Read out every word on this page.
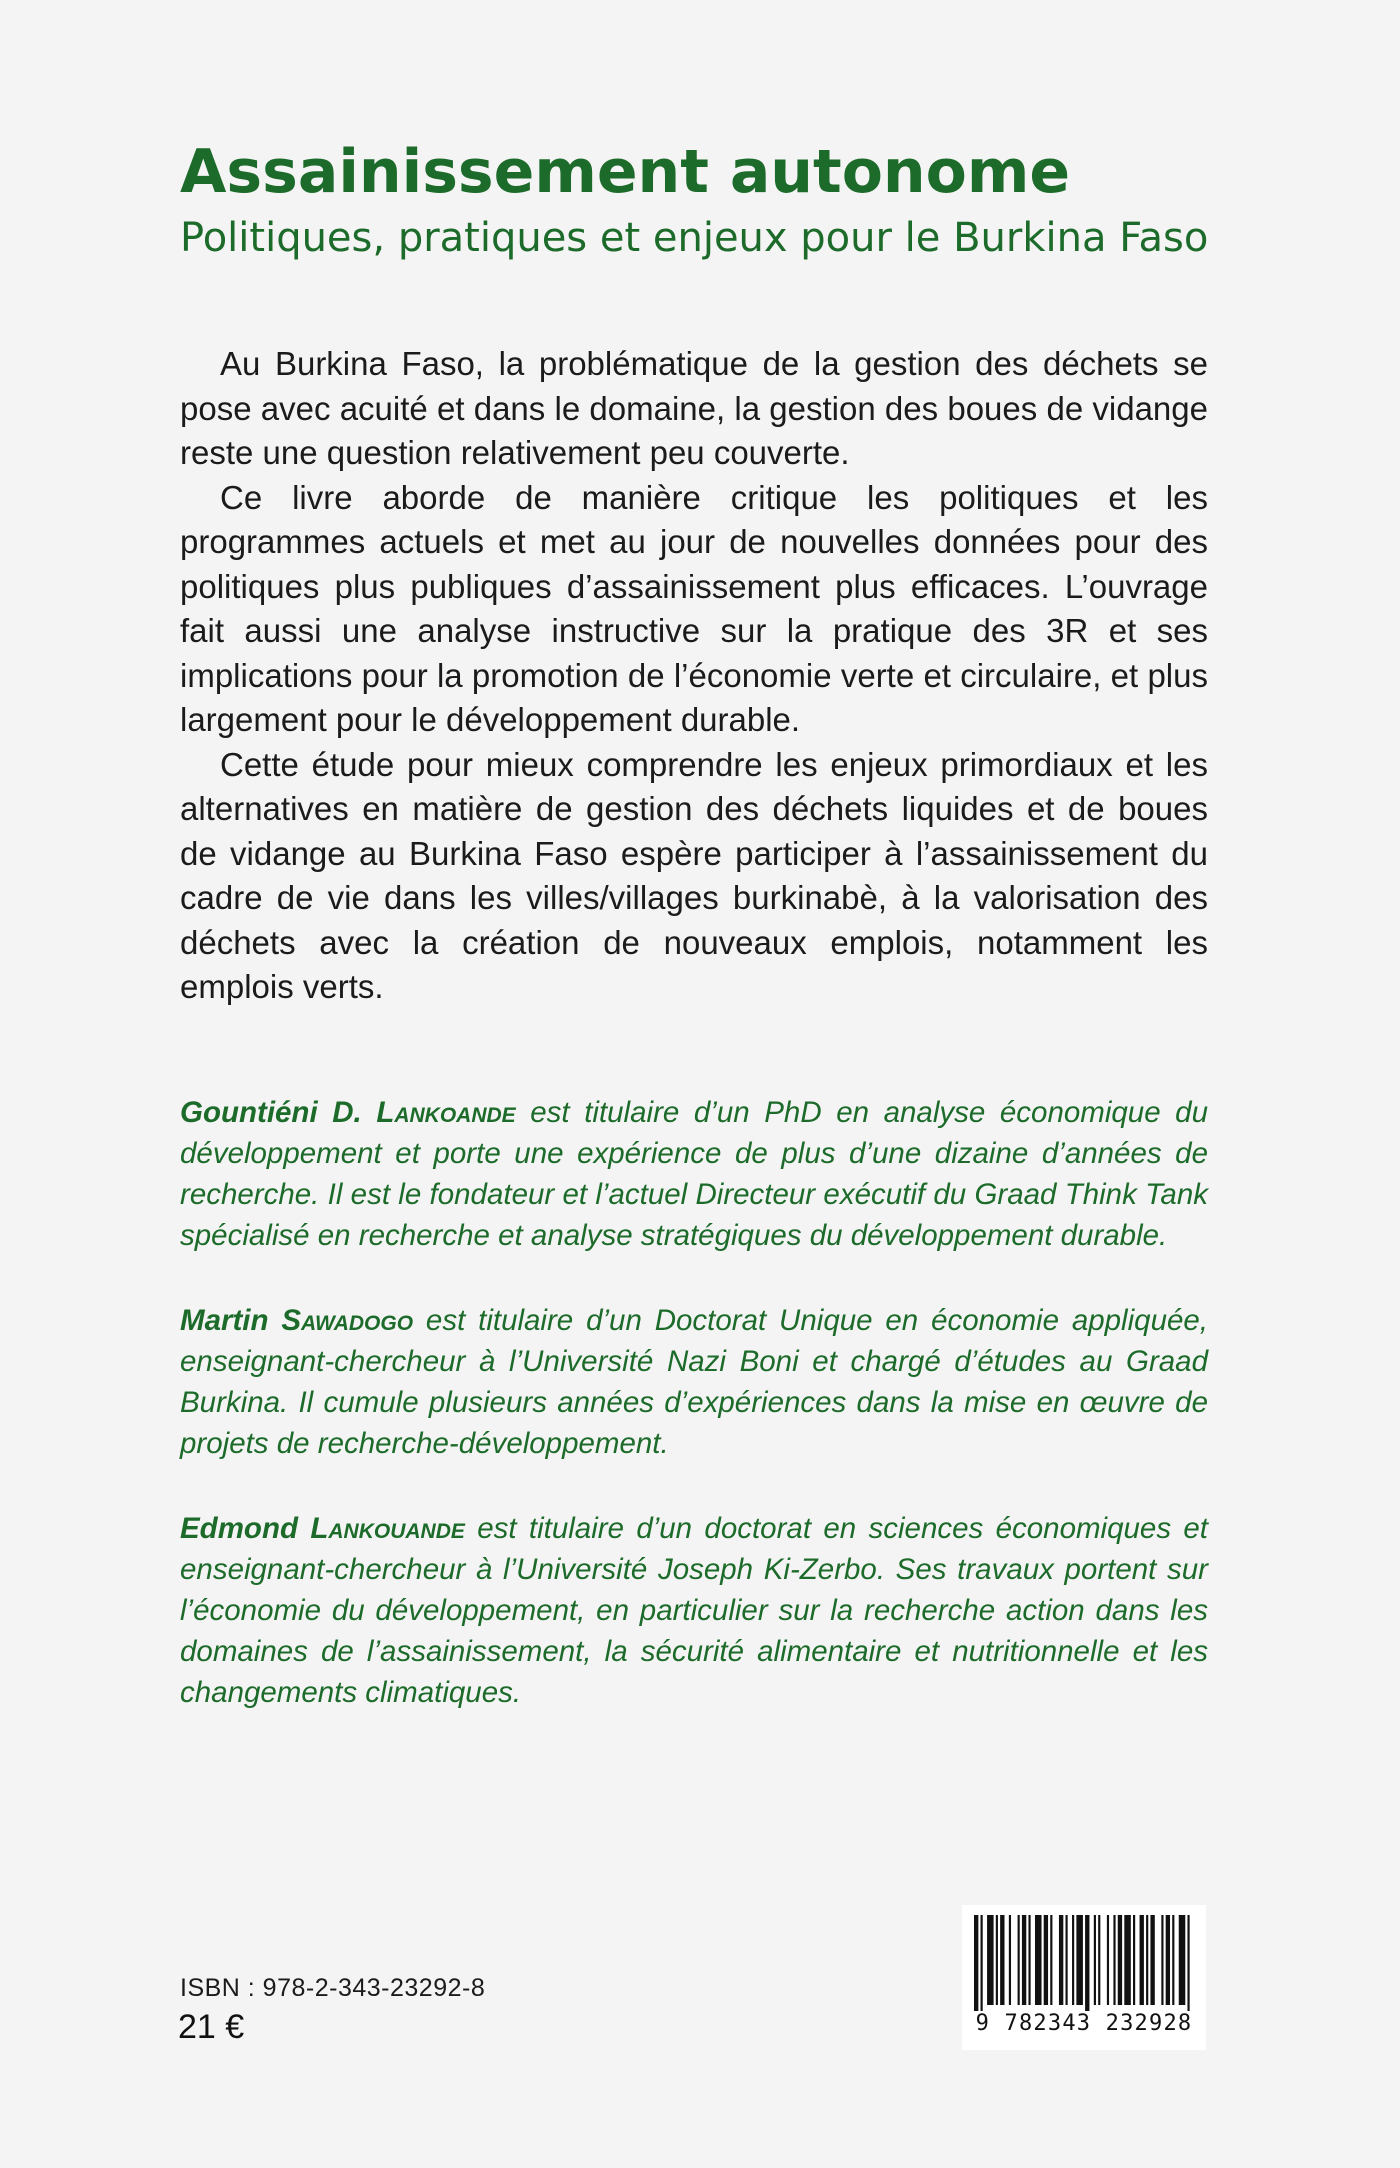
Assainissement autonome
Politiques, pratiques et enjeux pour le Burkina Faso

Au Burkina Faso, la problématique de la gestion des déchets se pose avec acuité et dans le domaine, la gestion des boues de vidange reste une question relativement peu couverte.

Ce livre aborde de manière critique les politiques et les programmes actuels et met au jour de nouvelles données pour des politiques plus publiques d’assainissement plus efficaces. L’ouvrage fait aussi une analyse instructive sur la pratique des 3R et ses implications pour la promotion de l’économie verte et circulaire, et plus largement pour le développement durable.

Cette étude pour mieux comprendre les enjeux primordiaux et les alternatives en matière de gestion des déchets liquides et de boues de vidange au Burkina Faso espère participer à l’assainissement du cadre de vie dans les villes/villages burkinabè, à la valorisation des déchets avec la création de nouveaux emplois, notamment les emplois verts.

Gountiéni D. Lankoande est titulaire d’un PhD en analyse économique du développement et porte une expérience de plus d’une dizaine d’années de recherche. Il est le fondateur et l’actuel Directeur exécutif du Graad Think Tank spécialisé en recherche et analyse stratégiques du développement durable.

Martin Sawadogo est titulaire d’un Doctorat Unique en économie appliquée, enseignant-chercheur à l’Université Nazi Boni et chargé d’études au Graad Burkina. Il cumule plusieurs années d’expériences dans la mise en œuvre de projets de recherche-développement.

Edmond Lankouande est titulaire d’un doctorat en sciences économiques et enseignant-chercheur à l’Université Joseph Ki-Zerbo. Ses travaux portent sur l’économie du développement, en particulier sur la recherche action dans les domaines de l’assainissement, la sécurité alimentaire et nutritionnelle et les changements climatiques.

ISBN : 978-2-343-23292-8
21 €	9 782343 232928
